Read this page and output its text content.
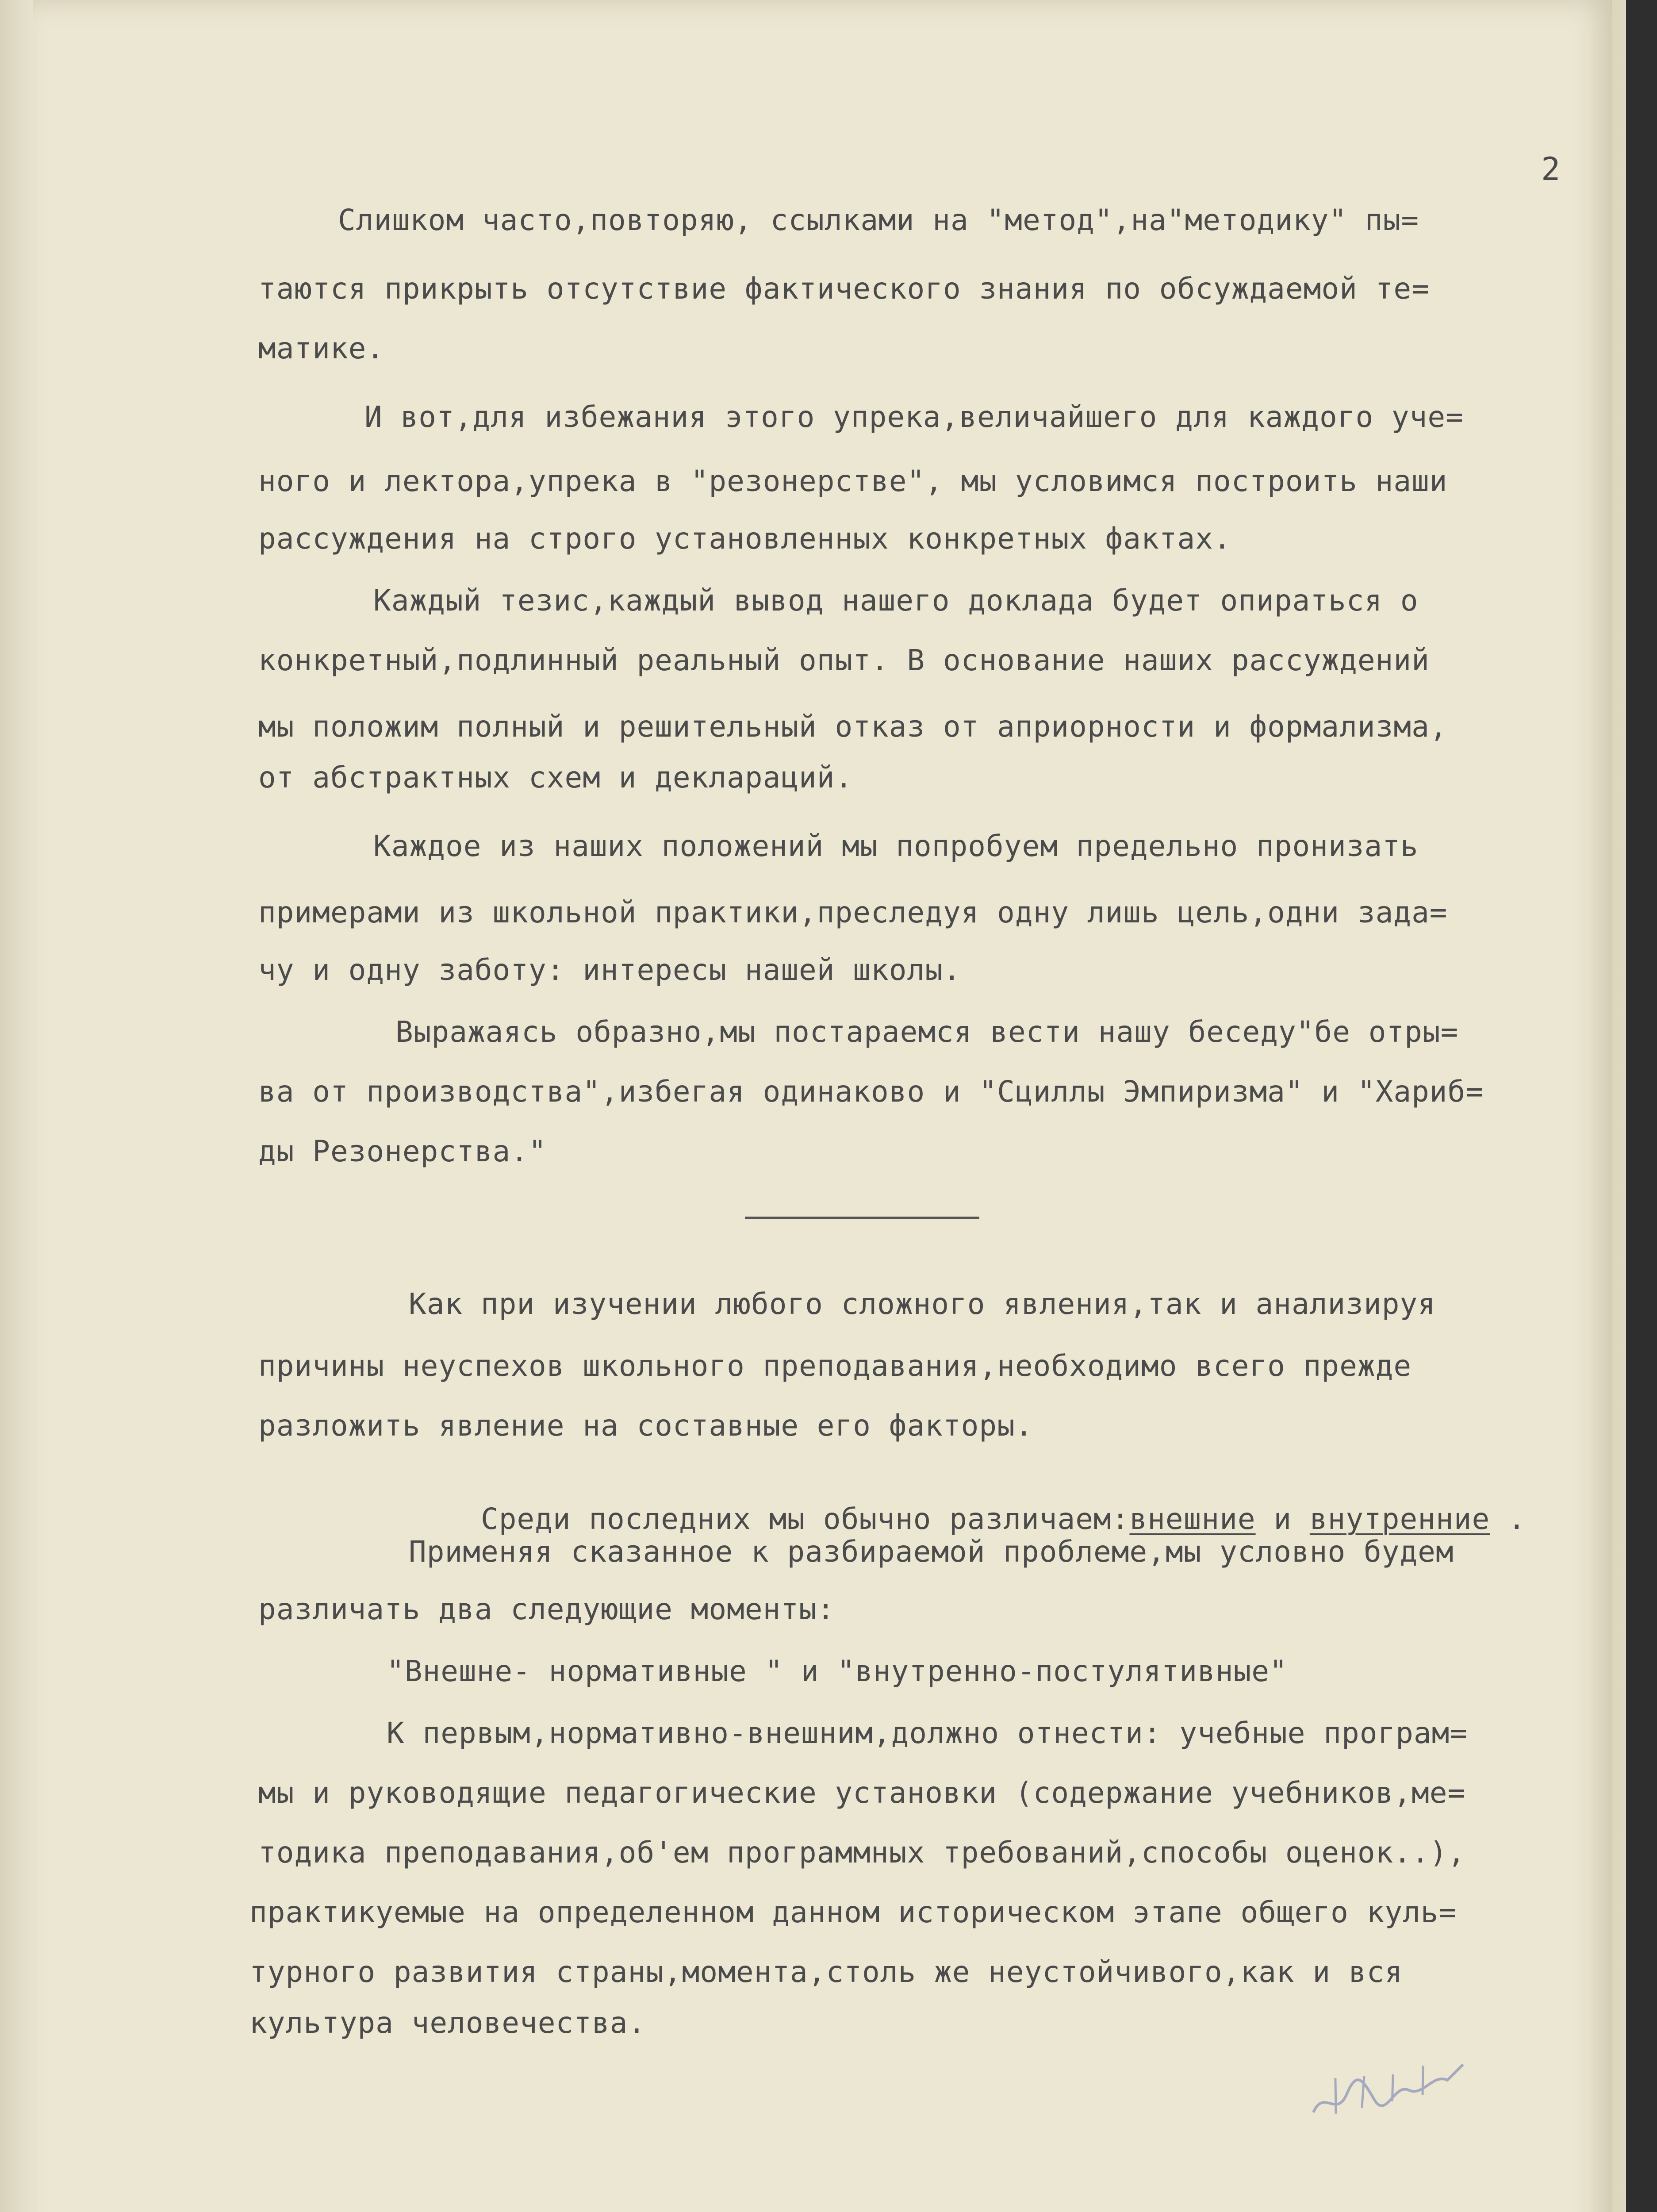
2
Слишком часто,повторяю, ссылками на "метод",на"методику" пы=
таются прикрыть отсутствие фактического знания по обсуждаемой те=
матике.
И вот,для избежания этого упрека,величайшего для каждого уче=
ного и лектора,упрека в "резонерстве", мы условимся построить наши
рассуждения на строго установленных конкретных фактах.
Каждый тезис,каждый вывод нашего доклада будет опираться о
конкретный,подлинный реальный опыт. В основание наших рассуждений
мы положим полный и решительный отказ от априорности и формализма,
от абстрактных схем и деклараций.
Каждое из наших положений мы попробуем предельно пронизать
примерами из школьной практики,преследуя одну лишь цель,одни зада=
чу и одну заботу: интересы нашей школы.
Выражаясь образно,мы постараемся вести нашу беседу"бе отры=
ва от производства",избегая одинаково и "Сциллы Эмпиризма" и "Хариб=
ды Резонерства."
Как при изучении любого сложного явления,так и анализируя
причины неуспехов школьного преподавания,необходимо всего прежде
разложить явление на составные его факторы.

Среди последних мы обычно различаем:внешние и внутренние .

Применяя сказанное к разбираемой проблеме,мы условно будем
различать два следующие моменты:
"Внешне- нормативные " и "внутренно-постулятивные"
К первым,нормативно-внешним,должно отнести: учебные програм=
мы и руководящие педагогические установки (содержание учебников,ме=
тодика преподавания,об'ем программных требований,способы оценок..),
практикуемые на определенном данном историческом этапе общего куль=
турного развития страны,момента,столь же неустойчивого,как и вся
культура человечества.
